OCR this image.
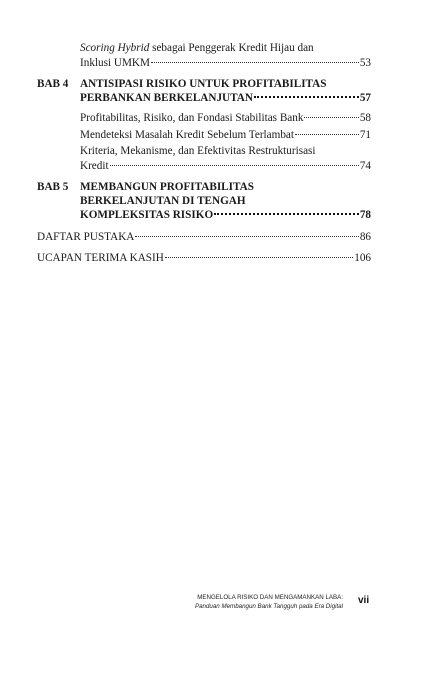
Scoring Hybrid sebagai Penggerak Kredit Hijau dan
Inklusi UMKM	53
BAB 4 ANTISIPASI RISIKO UNTUK PROFITABILITAS
PERBANKAN BERKELANJUTAN	57
Profitabilitas, Risiko, dan Fondasi Stabilitas Bank	58
Mendeteksi Masalah Kredit Sebelum Terlambat	71
Kriteria, Mekanisme, dan Efektivitas Restrukturisasi
Kredit	74
BAB 5 MEMBANGUN PROFITABILITAS
BERKELANJUTAN DI TENGAH
KOMPLEKSITAS RISIKO	78
DAFTAR PUSTAKA	86
UCAPAN TERIMA KASIH	106
MENGELOLA RISIKO DAN MENGAMANKAN LABA:
Panduan Membangun Bank Tangguh pada Era Digital
vii
